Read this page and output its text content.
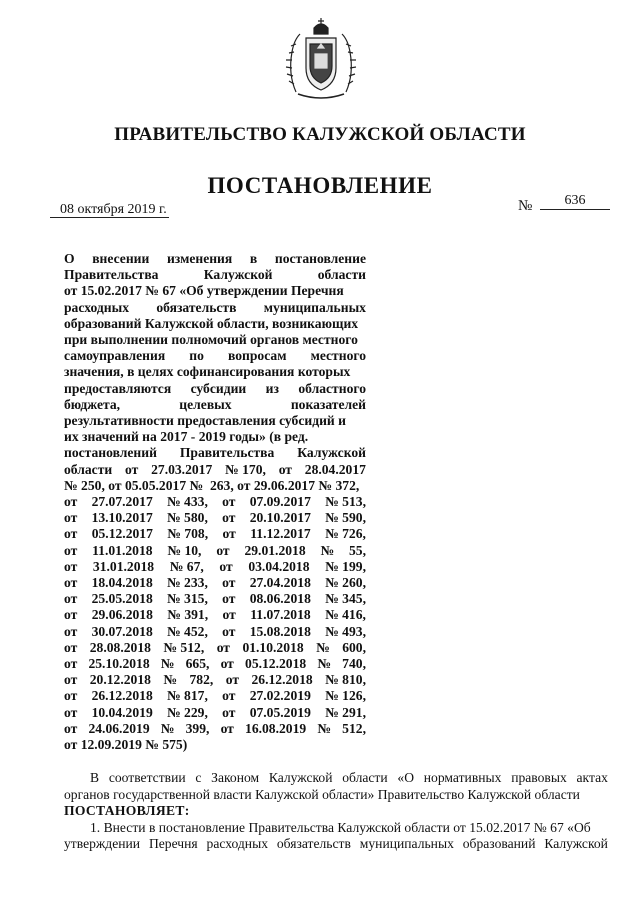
ПРАВИТЕЛЬСТВО КАЛУЖСКОЙ ОБЛАСТИ
ПОСТАНОВЛЕНИЕ
08 октября 2019 г.	№	636
О внесении изменения в постановление
Правительства	Калужской	области
от 15.02.2017 № 67 «Об утверждении Перечня
расходных обязательств муниципальных
образований Калужской области, возникающих
при выполнении полномочий органов местного
самоуправления по вопросам местного
значения, в целях софинансирования которых
предоставляются субсидии из областного
бюджета,	целевых	показателей
результативности предоставления субсидий и
их значений на 2017 - 2019 годы» (в ред.
постановлений Правительства Калужской
области от 27.03.2017 № 170, от 28.04.2017
№ 250, от 05.05.2017 №  263, от 29.06.2017 № 372,
от 27.07.2017 № 433, от 07.09.2017 № 513,
от 13.10.2017 № 580, от 20.10.2017 № 590,
от 05.12.2017 № 708, от 11.12.2017 № 726,
от 11.01.2018 № 10, от 29.01.2018 № 55,
от 31.01.2018 № 67, от 03.04.2018 № 199,
от 18.04.2018 № 233, от 27.04.2018 № 260,
от 25.05.2018 № 315, от 08.06.2018 № 345,
от 29.06.2018 № 391, от 11.07.2018 № 416,
от 30.07.2018 № 452, от 15.08.2018 № 493,
от 28.08.2018 № 512, от 01.10.2018 № 600,
от 25.10.2018 № 665, от 05.12.2018 № 740,
от 20.12.2018 № 782, от 26.12.2018 № 810,
от 26.12.2018 № 817, от 27.02.2019 № 126,
от 10.04.2019 № 229, от 07.05.2019 № 291,
от 24.06.2019 № 399, от 16.08.2019 № 512,
от 12.09.2019 № 575)
В соответствии с Законом Калужской области «О нормативных правовых актах
органов государственной власти Калужской области» Правительство Калужской области
ПОСТАНОВЛЯЕТ:
1. Внести в постановление Правительства Калужской области от 15.02.2017 № 67 «Об
утверждении Перечня расходных обязательств муниципальных образований Калужской
